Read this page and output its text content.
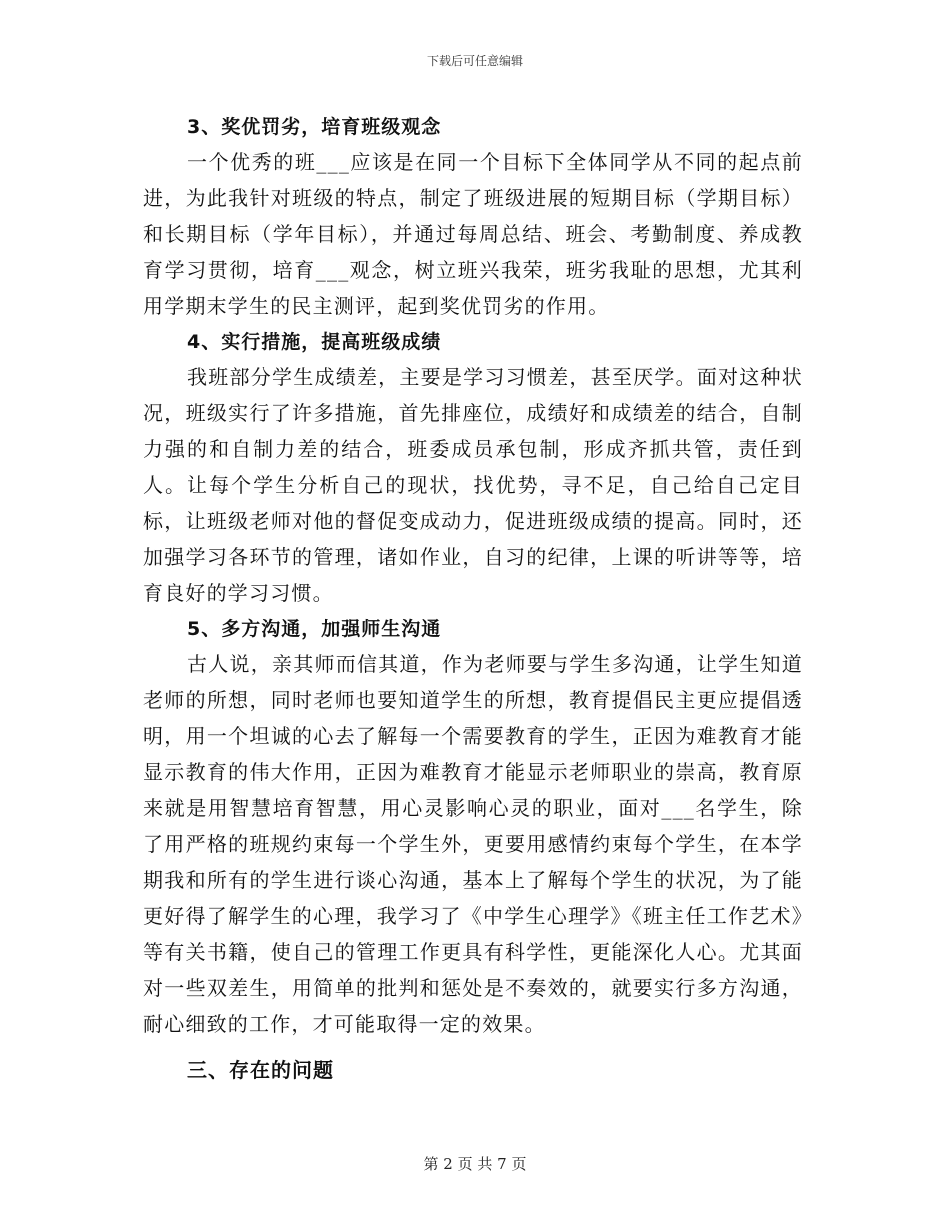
下载后可任意编辑
3、奖优罚劣，培育班级观念

一个优秀的班___应该是在同一个目标下全体同学从不同的起点前进，为此我针对班级的特点，制定了班级进展的短期目标（学期目标）和长期目标（学年目标），并通过每周总结、班会、考勤制度、养成教育学习贯彻，培育___观念，树立班兴我荣，班劣我耻的思想，尤其利用学期末学生的民主测评，起到奖优罚劣的作用。

4、实行措施，提高班级成绩

我班部分学生成绩差，主要是学习习惯差，甚至厌学。面对这种状况，班级实行了许多措施，首先排座位，成绩好和成绩差的结合，自制力强的和自制力差的结合，班委成员承包制，形成齐抓共管，责任到人。让每个学生分析自己的现状，找优势，寻不足，自己给自己定目标，让班级老师对他的督促变成动力，促进班级成绩的提高。同时，还加强学习各环节的管理，诸如作业，自习的纪律，上课的听讲等等，培育良好的学习习惯。

5、多方沟通，加强师生沟通

古人说，亲其师而信其道，作为老师要与学生多沟通，让学生知道老师的所想，同时老师也要知道学生的所想，教育提倡民主更应提倡透明，用一个坦诚的心去了解每一个需要教育的学生，正因为难教育才能显示教育的伟大作用，正因为难教育才能显示老师职业的崇高，教育原来就是用智慧培育智慧，用心灵影响心灵的职业，面对___名学生，除了用严格的班规约束每一个学生外，更要用感情约束每个学生，在本学期我和所有的学生进行谈心沟通，基本上了解每个学生的状况，为了能更好得了解学生的心理，我学习了《中学生心理学》《班主任工作艺术》等有关书籍，使自己的管理工作更具有科学性，更能深化人心。尤其面对一些双差生，用简单的批判和惩处是不奏效的，就要实行多方沟通，耐心细致的工作，才可能取得一定的效果。

三、存在的问题
第 2 页 共 7 页
